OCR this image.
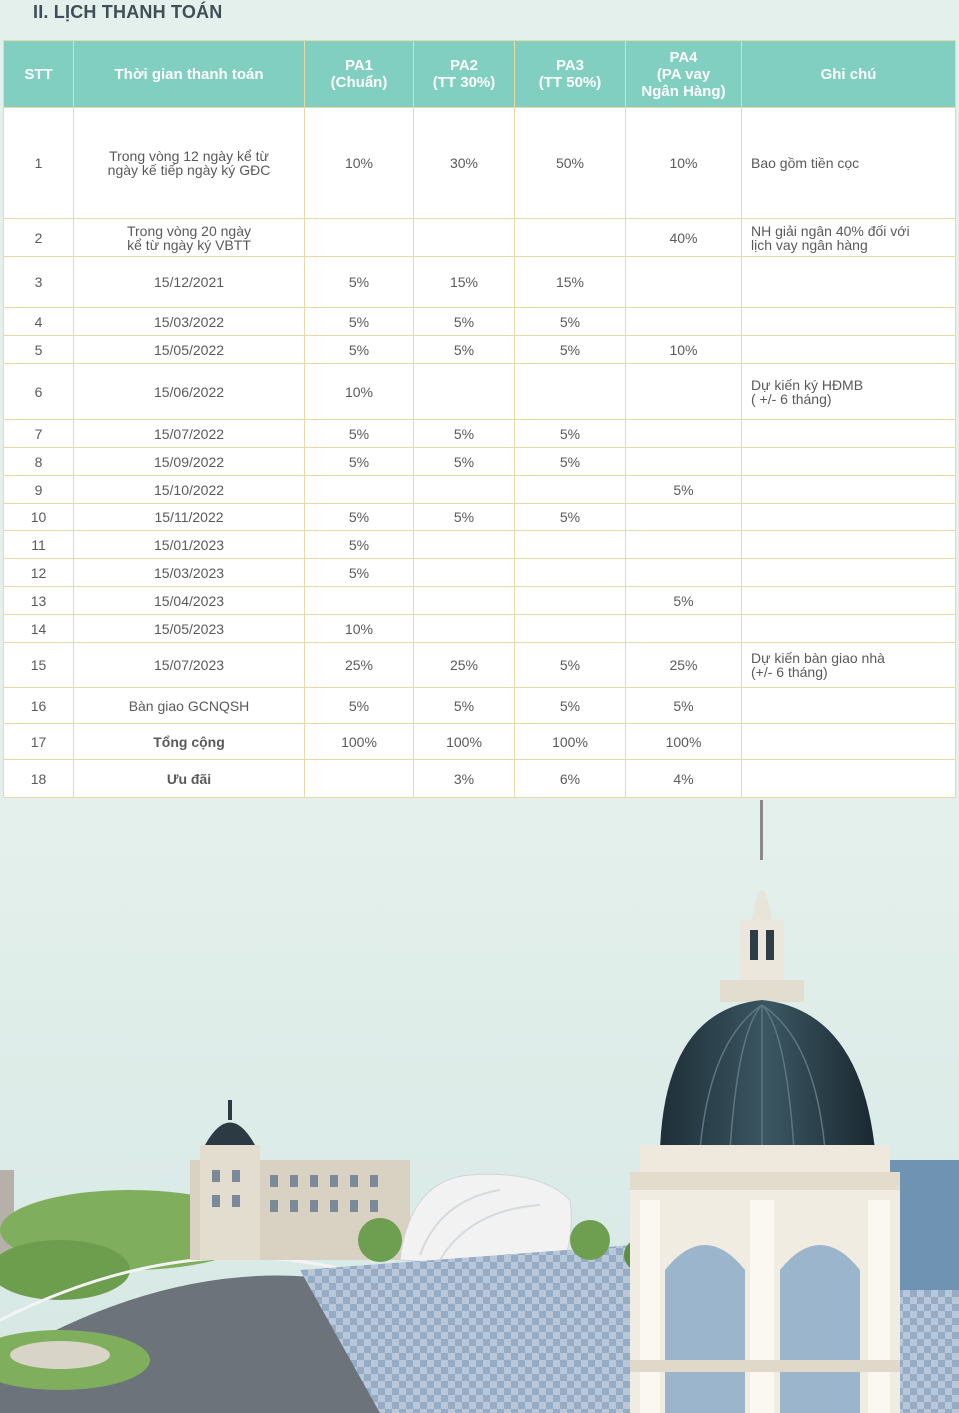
II. LỊCH THANH TOÁN
STT	Thời gian thanh toán	PA1
(Chuẩn)	PA2
(TT 30%)	PA3
(TT 50%)	PA4
(PA vay
Ngân Hàng)	Ghi chú
1	Trong vòng 12 ngày kể từ
ngày kế tiếp ngày ký GĐC	10%	30%	50%	10%	Bao gồm tiền cọc
2	Trong vòng 20 ngày
kể từ ngày ký VBTT				40%	NH giải ngân 40% đối với
lịch vay ngân hàng
3	15/12/2021	5%	15%	15%		
4	15/03/2022	5%	5%	5%		
5	15/05/2022	5%	5%	5%	10%	
6	15/06/2022	10%				Dự kiến ký HĐMB
( +/- 6 tháng)
7	15/07/2022	5%	5%	5%		
8	15/09/2022	5%	5%	5%		
9	15/10/2022				5%	
10	15/11/2022	5%	5%	5%		
11	15/01/2023	5%				
12	15/03/2023	5%				
13	15/04/2023				5%	
14	15/05/2023	10%				
15	15/07/2023	25%	25%	5%	25%	Dự kiến bàn giao nhà
(+/- 6 tháng)
16	Bàn giao GCNQSH	5%	5%	5%	5%	
17	Tổng cộng	100%	100%	100%	100%	
18	Ưu đãi		3%	6%	4%	
